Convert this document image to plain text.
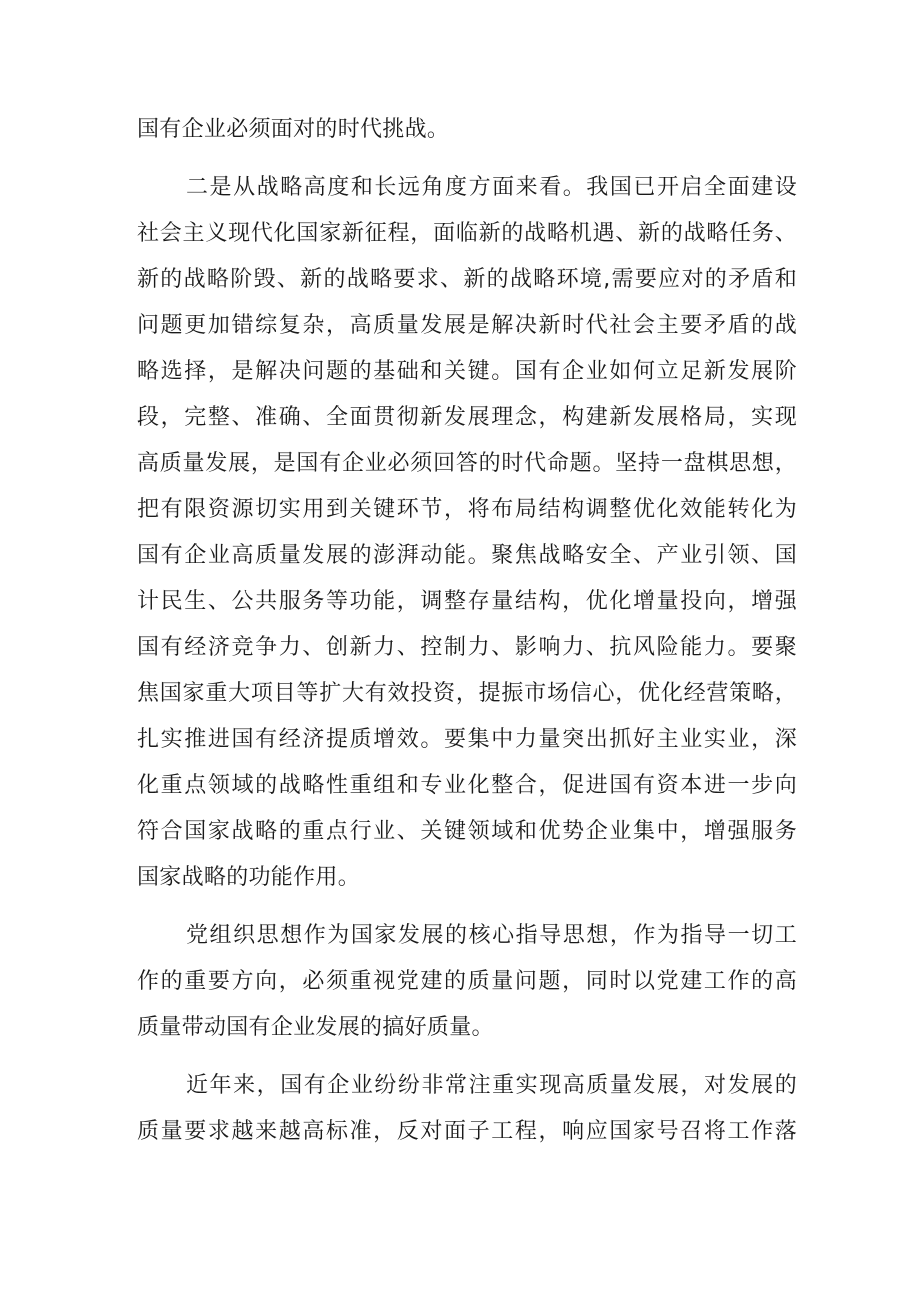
国有企业必须面对的时代挑战。
二是从战略高度和长远角度方面来看。我国已开启全面建设
社会主义现代化国家新征程，面临新的战略机遇、新的战略任务、
新的战略阶毁、新的战略要求、新的战略环境,需要应对的矛盾和
问题更加错综复杂，高质量发展是解决新时代社会主要矛盾的战
略选择，是解决问题的基础和关键。国有企业如何立足新发展阶
段，完整、准确、全面贯彻新发展理念，构建新发展格局，实现
高质量发展，是国有企业必须回答的时代命题。坚持一盘棋思想，
把有限资源切实用到关键环节，将布局结构调整优化效能转化为
国有企业高质量发展的澎湃动能。聚焦战略安全、产业引领、国
计民生、公共服务等功能，调整存量结构，优化增量投向，增强
国有经济竞争力、创新力、控制力、影响力、抗风险能力。要聚
焦国家重大项目等扩大有效投资，提振市场信心，优化经营策略，
扎实推进国有经济提质增效。要集中力量突出抓好主业实业，深
化重点领域的战略性重组和专业化整合，促进国有资本进一步向
符合国家战略的重点行业、关键领域和优势企业集中，增强服务
国家战略的功能作用。
党组织思想作为国家发展的核心指导思想，作为指导一切工
作的重要方向，必须重视党建的质量问题，同时以党建工作的高
质量带动国有企业发展的搞好质量。
近年来，国有企业纷纷非常注重实现高质量发展，对发展的
质量要求越来越高标准，反对面子工程，响应国家号召将工作落
